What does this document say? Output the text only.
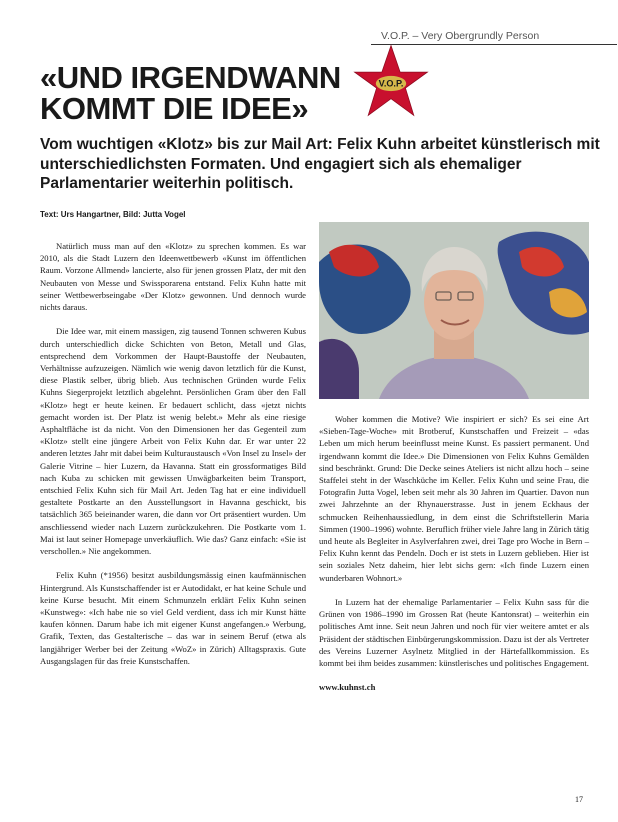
V.O.P. – Very Obergrundly Person
«UND IRGENDWANN
KOMMT DIE IDEE»
V.O.P.

Vom wuchtigen «Klotz» bis zur Mail Art: Felix Kuhn arbeitet künstlerisch mit unterschiedlichsten Formaten. Und engagiert sich als ehemaliger Parlamentarier weiterhin politisch.

Text: Urs Hangartner, Bild: Jutta Vogel

Natürlich muss man auf den «Klotz» zu sprechen kommen. Es war 2010, als die Stadt Luzern den Ideenwettbewerb «Kunst im öffentlichen Raum. Vorzone Allmend» lancierte, also für jenen grossen Platz, der mit den Neubauten von Messe und Swissporarena entstand. Felix Kuhn hatte mit seiner Wettbewerbseingabe «Der Klotz» gewonnen. Und dennoch wurde nichts daraus.

Die Idee war, mit einem massigen, zig tausend Tonnen schweren Kubus durch unterschiedlich dicke Schichten von Beton, Metall und Glas, entsprechend dem Vorkommen der Haupt-Baustoffe der Neubauten, Verhältnisse aufzuzeigen. Nämlich wie wenig davon letztlich für die Kunst, diese Plastik selber, übrig blieb. Aus technischen Gründen wurde Felix Kuhns Siegerprojekt letztlich abgelehnt. Persönlichen Gram über den Fall «Klotz» hegt er heute keinen. Er bedauert schlicht, dass «jetzt nichts gemacht worden ist. Der Platz ist wenig belebt.» Mehr als eine riesige Asphaltfläche ist da nicht. Von den Dimensionen her das Gegenteil zum «Klotz» stellt eine jüngere Arbeit von Felix Kuhn dar. Er war unter 22 anderen letztes Jahr mit dabei beim Kulturaustausch «Von Insel zu Insel» der Galerie Vitrine – hier Luzern, da Havanna. Statt ein grossformatiges Bild nach Kuba zu schicken mit gewissen Unwägbarkeiten beim Transport, entschied Felix Kuhn sich für Mail Art. Jeden Tag hat er eine individuell gestaltete Postkarte an den Ausstellungsort in Havanna geschickt, bis tatsächlich 365 beieinander waren, die dann vor Ort präsentiert wurden. Um anschliessend wieder nach Luzern zurückzukehren. Die Postkarte vom 1. Mai ist laut seiner Homepage unverkäuflich. Wie das? Ganz einfach: «Sie ist verschollen.» Nie angekommen.

Felix Kuhn (*1956) besitzt ausbildungsmässig einen kaufmännischen Hintergrund. Als Kunstschaffender ist er Autodidakt, er hat keine Schule und keine Kurse besucht. Mit einem Schmunzeln erklärt Felix Kuhn seinen «Kunstweg»: «Ich habe nie so viel Geld verdient, dass ich mir Kunst hätte kaufen können. Darum habe ich mit eigener Kunst angefangen.» Werbung, Grafik, Texten, das Gestalterische – das war in seinem Beruf (etwa als langjähriger Werber bei der Zeitung «WoZ» in Zürich) Alltagspraxis. Gute Ausgangslagen für das freie Kunstschaffen.

Woher kommen die Motive? Wie inspiriert er sich? Es sei eine Art «Sieben-Tage-Woche» mit Brotberuf, Kunstschaffen und Freizeit – «das Leben um mich herum beeinflusst meine Kunst. Es passiert permanent. Und irgendwann kommt die Idee.» Die Dimensionen von Felix Kuhns Gemälden sind beschränkt. Grund: Die Decke seines Ateliers ist nicht allzu hoch – seine Staffelei steht in der Waschküche im Keller. Felix Kuhn und seine Frau, die Fotografin Jutta Vogel, leben seit mehr als 30 Jahren im Quartier. Davon nun zwei Jahrzehnte an der Rhynauerstrasse. Just in jenem Eckhaus der schmucken Reihenhaussiedlung, in dem einst die Schriftstellerin Maria Simmen (1900–1996) wohnte. Beruflich früher viele Jahre lang in Zürich tätig und heute als Begleiter in Asylverfahren zwei, drei Tage pro Woche in Bern – Felix Kuhn kennt das Pendeln. Doch er ist stets in Luzern geblieben. Hier ist sein soziales Netz daheim, hier lebt sichs gern: «Ich finde Luzern einen wunderbaren Wohnort.»

In Luzern hat der ehemalige Parlamentarier – Felix Kuhn sass für die Grünen von 1986–1990 im Grossen Rat (heute Kantonsrat) – weiterhin ein politisches Amt inne. Seit neun Jahren und noch für vier weitere amtet er als Präsident der städtischen Einbürgerungskommission. Dazu ist der als Vertreter des Vereins Luzerner Asylnetz Mitglied in der Härtefallkommission. Es kommt bei ihm beides zusammen: künstlerisches und politisches Engagement.

www.kuhnst.ch

17
